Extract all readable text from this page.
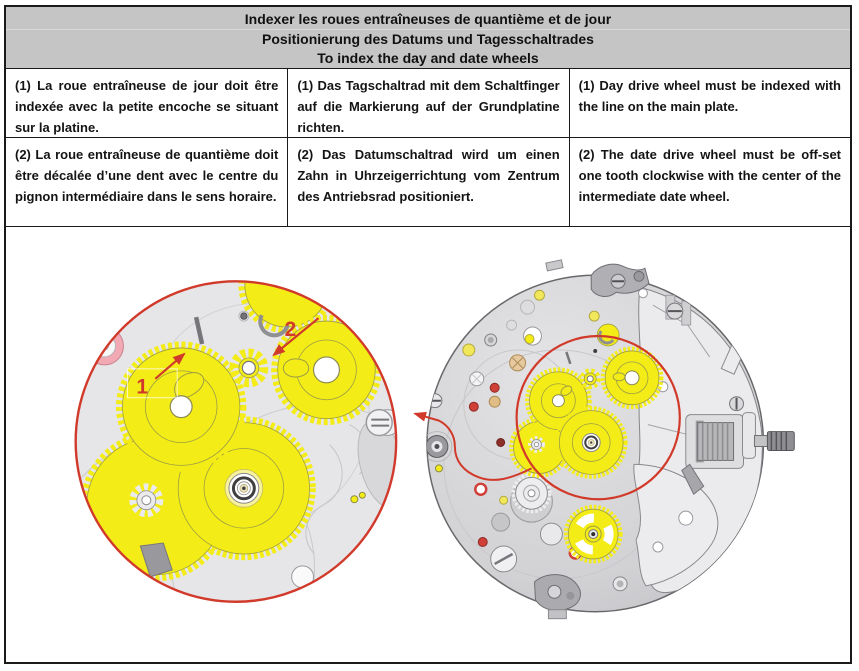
Indexer les roues entraîneuses de quantième et de jour
Positionierung des Datums und Tagesschaltrades
To index the day and date wheels
(1) La roue entraîneuse de jour doit être indexée avec la petite encoche se situant sur la platine.
(1) Das Tagschaltrad mit dem Schaltfinger auf die Markierung auf der Grundplatine richten.
(1) Day drive wheel must be indexed with the line on the main plate.
(2) La roue entraîneuse de quantième doit être décalée d’une dent avec le centre du pignon intermédiaire dans le sens horaire.
(2) Das Datumschaltrad wird um einen Zahn in Uhrzeigerrichtung vom Zentrum des Antriebsrad positioniert.
(2) The date drive wheel must be off-set one tooth clockwise with the center of the intermediate date wheel.
1
2
